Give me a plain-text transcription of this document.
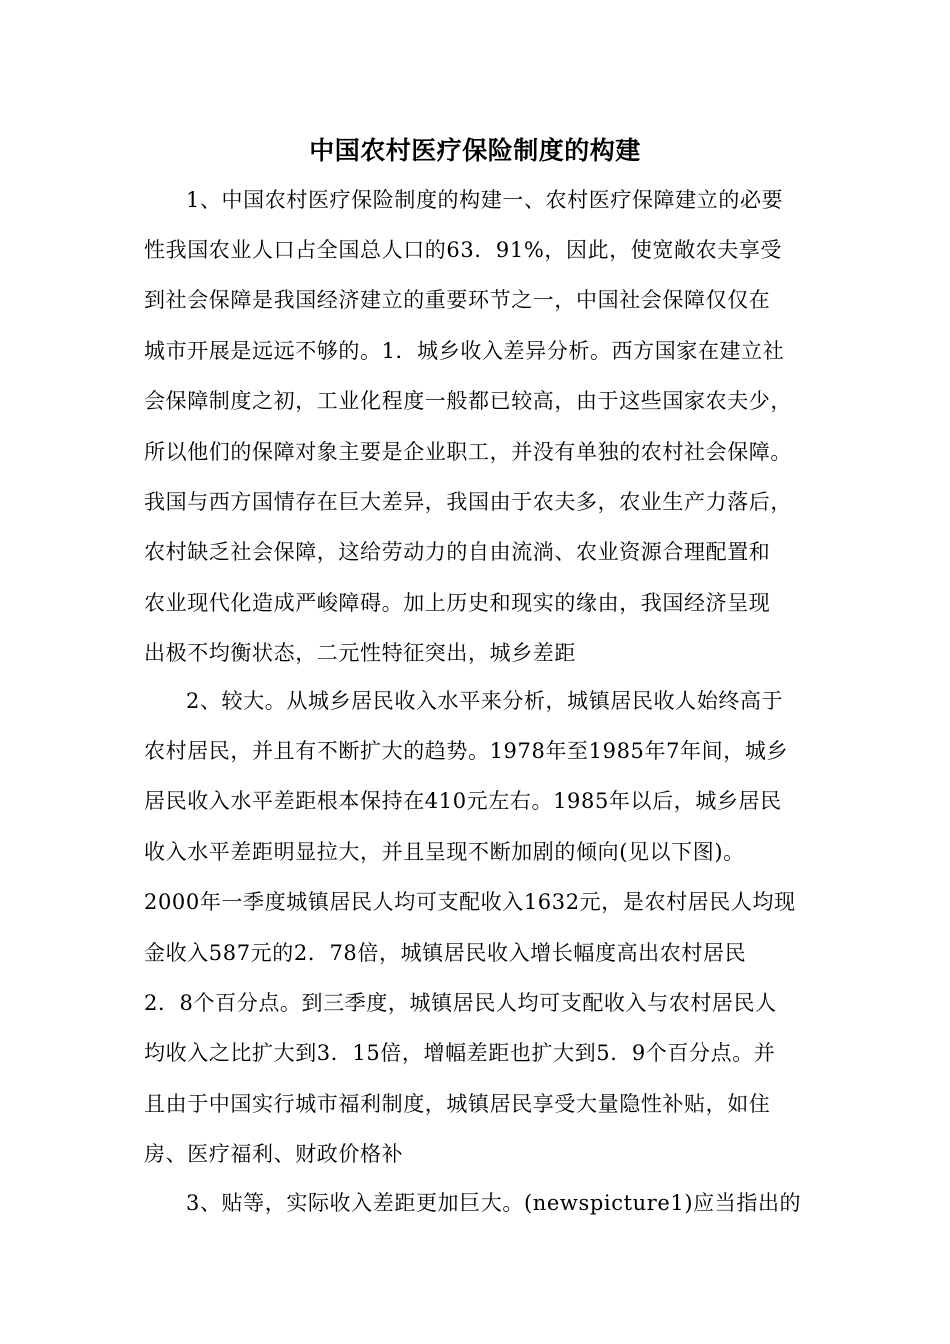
中国农村医疗保险制度的构建
1、中国农村医疗保险制度的构建一、农村医疗保障建立的必要
性我国农业人口占全国总人口的63．91%，因此，使宽敞农夫享受
到社会保障是我国经济建立的重要环节之一，中国社会保障仅仅在
城市开展是远远不够的。1．城乡收入差异分析。西方国家在建立社
会保障制度之初，工业化程度一般都已较高，由于这些国家农夫少，
所以他们的保障对象主要是企业职工，并没有单独的农村社会保障。
我国与西方国情存在巨大差异，我国由于农夫多，农业生产力落后，
农村缺乏社会保障，这给劳动力的自由流淌、农业资源合理配置和
农业现代化造成严峻障碍。加上历史和现实的缘由，我国经济呈现
出极不均衡状态，二元性特征突出，城乡差距
2、较大。从城乡居民收入水平来分析，城镇居民收人始终高于
农村居民，并且有不断扩大的趋势。1978年至1985年7年间，城乡
居民收入水平差距根本保持在410元左右。1985年以后，城乡居民
收入水平差距明显拉大，并且呈现不断加剧的倾向(见以下图)。
2000年一季度城镇居民人均可支配收入1632元，是农村居民人均现
金收入587元的2．78倍，城镇居民收入增长幅度高出农村居民
2．8个百分点。到三季度，城镇居民人均可支配收入与农村居民人
均收入之比扩大到3．15倍，增幅差距也扩大到5．9个百分点。并
且由于中国实行城市福利制度，城镇居民享受大量隐性补贴，如住
房、医疗福利、财政价格补
3、贴等，实际收入差距更加巨大。(newspicture1)应当指出的
